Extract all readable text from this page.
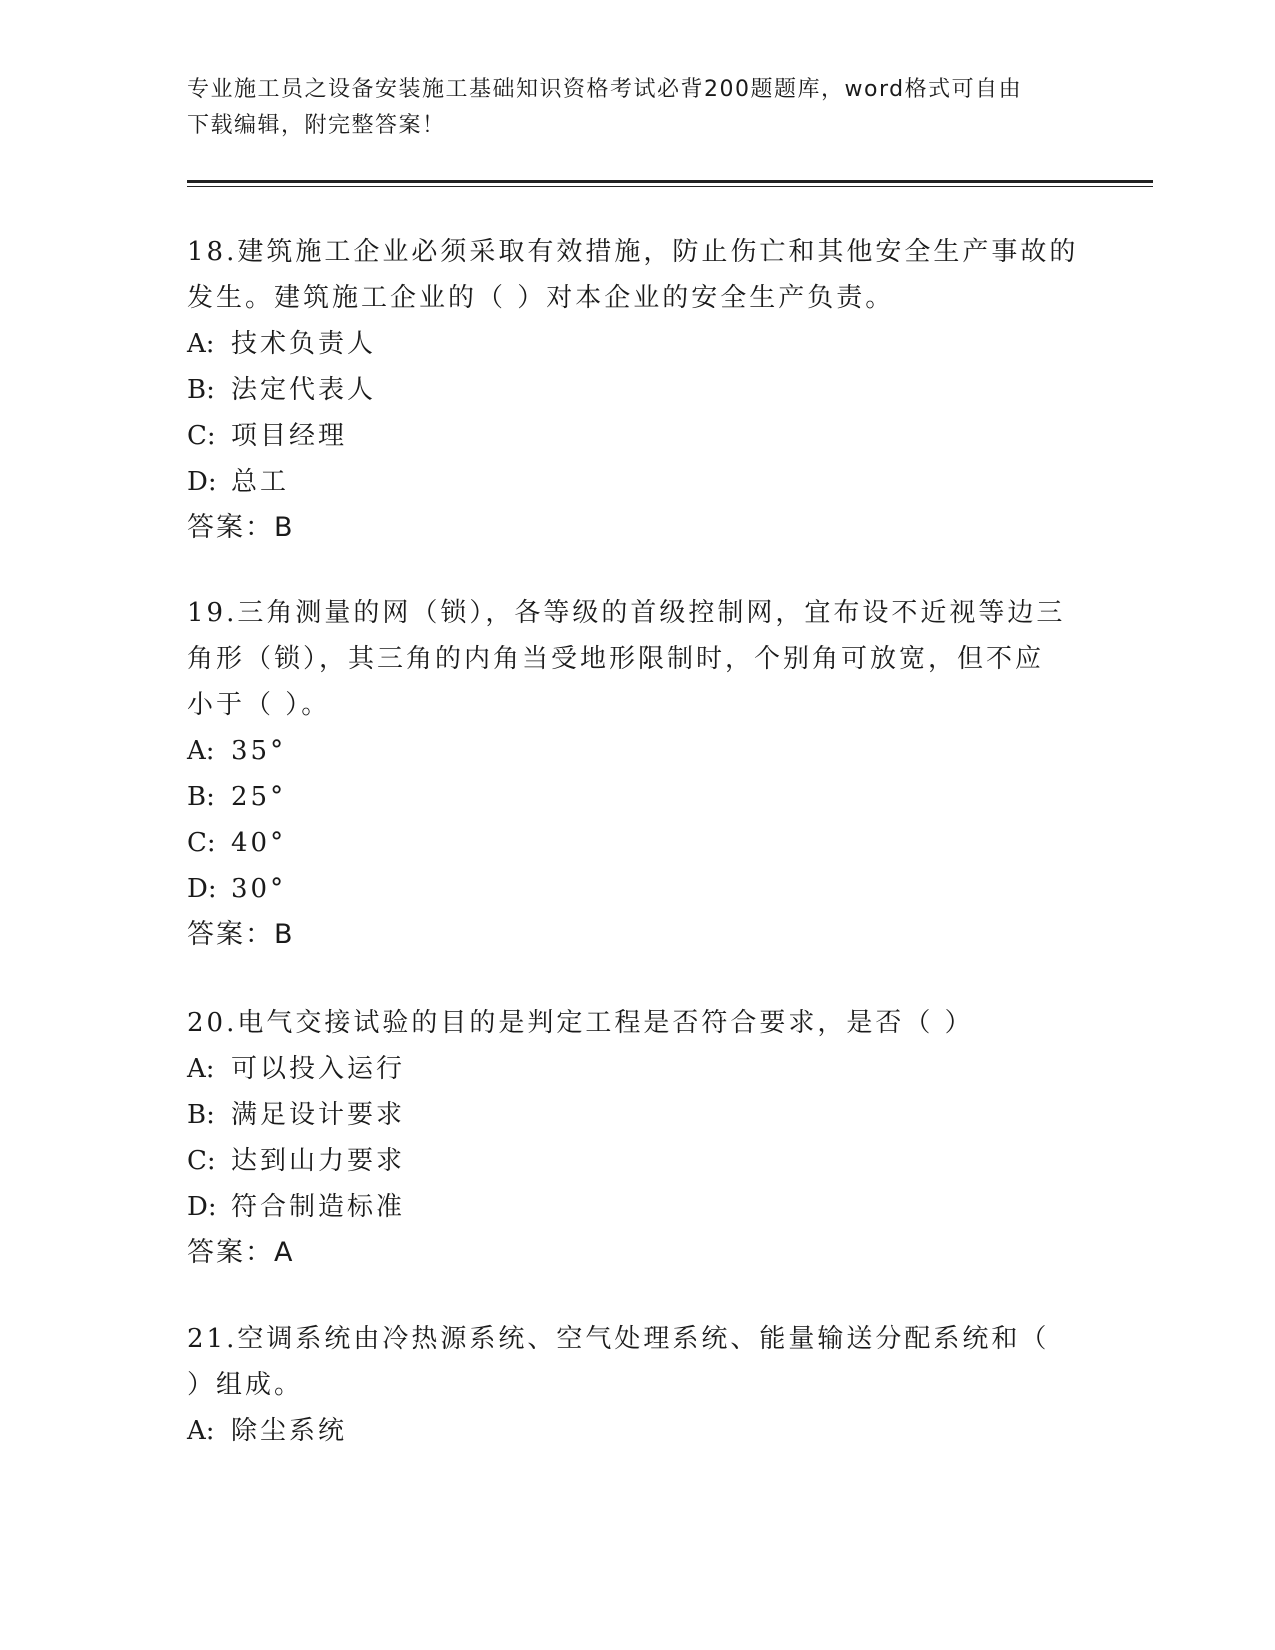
专业施工员之设备安装施工基础知识资格考试必背200题题库，word格式可自由
下载编辑，附完整答案！
18.建筑施工企业必须采取有效措施，防止伤亡和其他安全生产事故的
发生。建筑施工企业的（ ）对本企业的安全生产负责。
A: 技术负责人
B: 法定代表人
C: 项目经理
D: 总工
答案：B
19.三角测量的网（锁），各等级的首级控制网，宜布设不近视等边三
角形（锁），其三角的内角当受地形限制时，个别角可放宽，但不应
小于（ ）。
A: 35°
B: 25°
C: 40°
D: 30°
答案：B
20.电气交接试验的目的是判定工程是否符合要求，是否（ ）
A: 可以投入运行
B: 满足设计要求
C: 达到山力要求
D: 符合制造标准
答案：A
21.空调系统由冷热源系统、空气处理系统、能量输送分配系统和（
）组成。
A: 除尘系统
